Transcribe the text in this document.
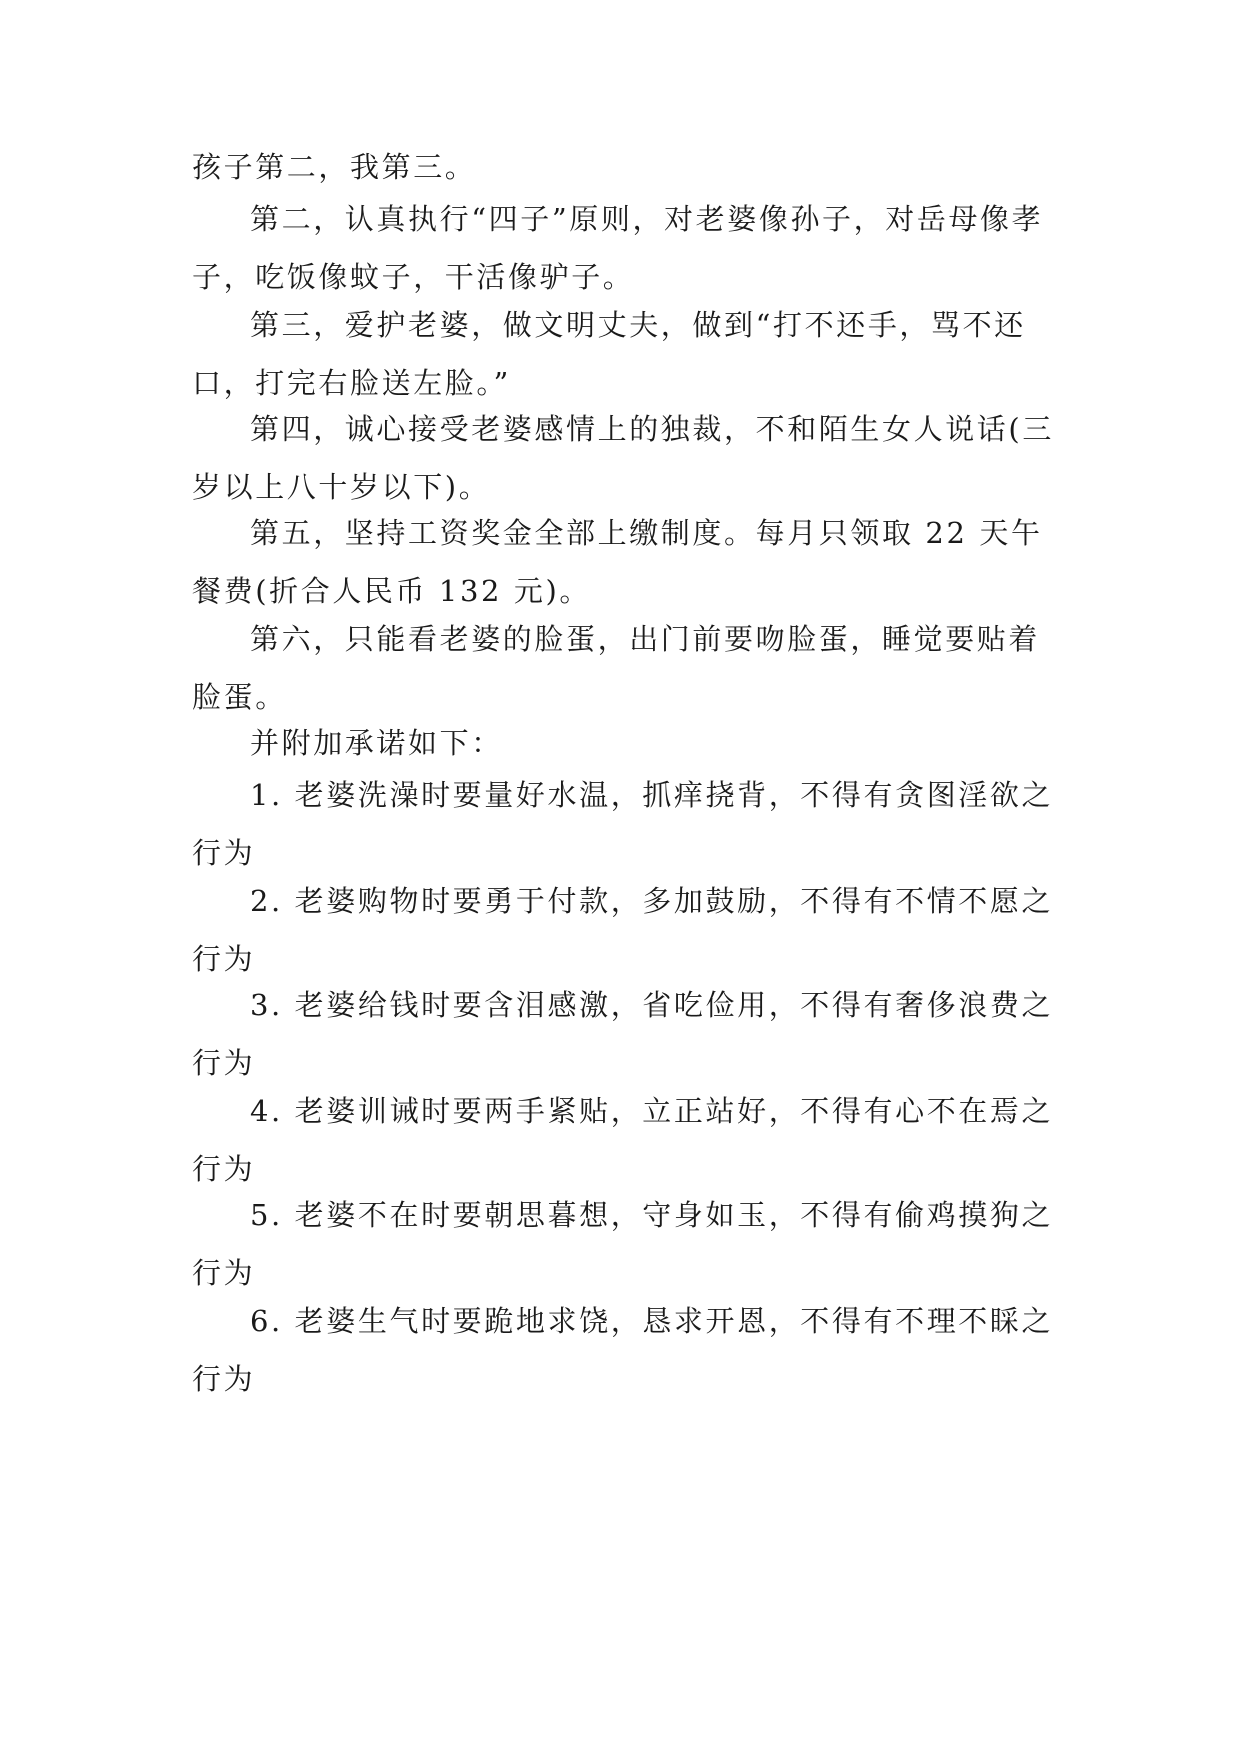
孩子第二，我第三。

第二，认真执行“四子”原则，对老婆像孙子，对岳母像孝子，吃饭像蚊子，干活像驴子。

第三，爱护老婆，做文明丈夫，做到“打不还手，骂不还口，打完右脸送左脸。”

第四，诚心接受老婆感情上的独裁，不和陌生女人说话(三岁以上八十岁以下)。

第五，坚持工资奖金全部上缴制度。每月只领取 22 天午餐费(折合人民币 132 元)。

第六，只能看老婆的脸蛋，出门前要吻脸蛋，睡觉要贴着脸蛋。

并附加承诺如下：

1. 老婆洗澡时要量好水温，抓痒挠背，不得有贪图淫欲之行为

2. 老婆购物时要勇于付款，多加鼓励，不得有不情不愿之行为

3. 老婆给钱时要含泪感激，省吃俭用，不得有奢侈浪费之行为

4. 老婆训诫时要两手紧贴，立正站好，不得有心不在焉之行为

5. 老婆不在时要朝思暮想，守身如玉，不得有偷鸡摸狗之行为

6. 老婆生气时要跪地求饶，恳求开恩，不得有不理不睬之行为
